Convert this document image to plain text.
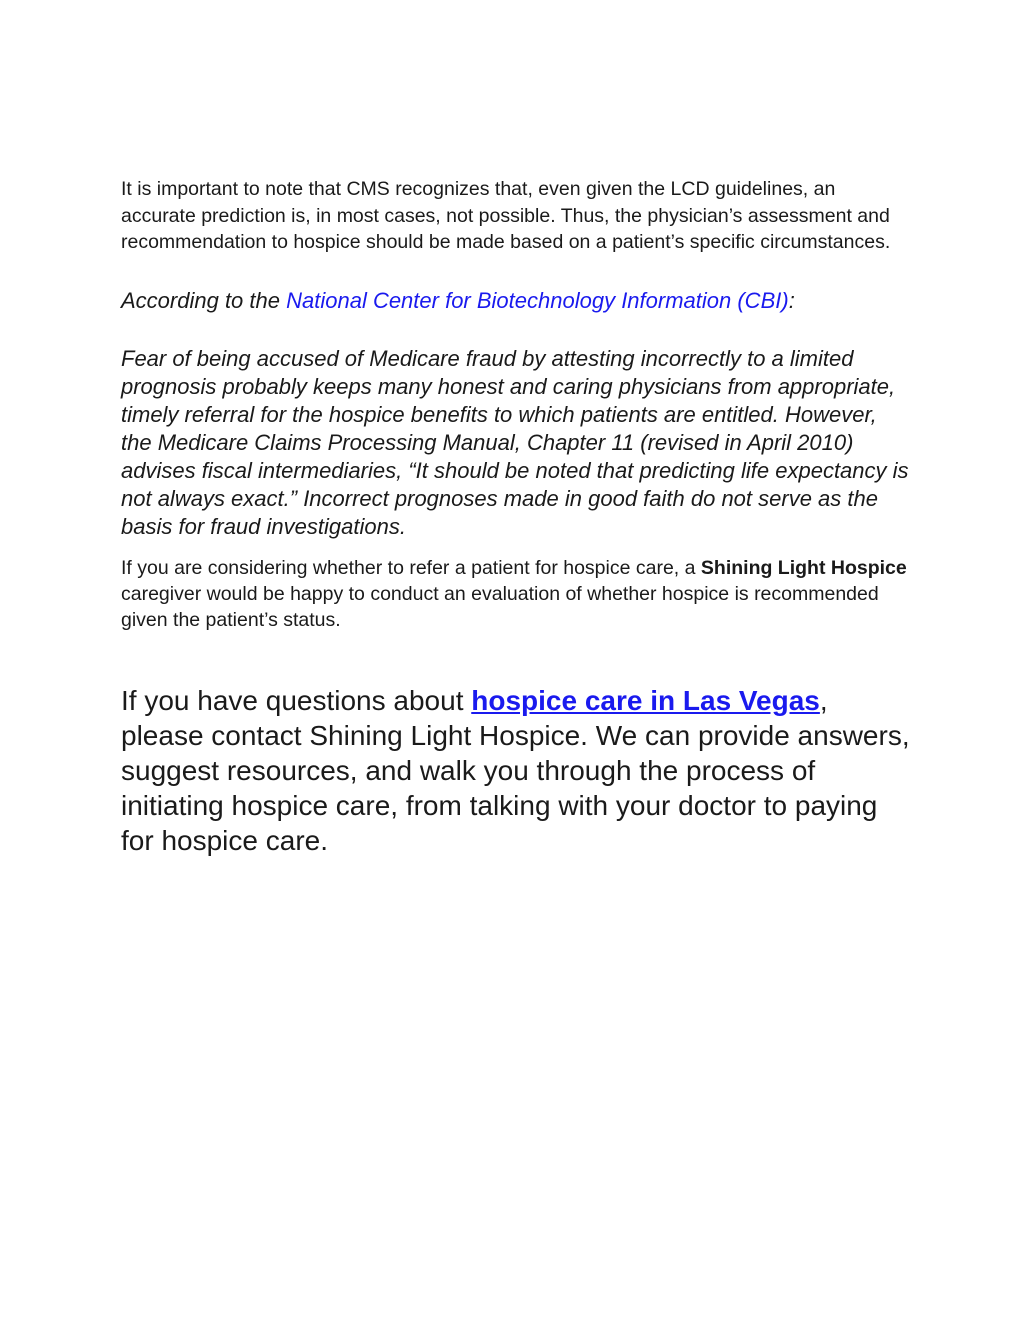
It is important to note that CMS recognizes that, even given the LCD guidelines, an accurate prediction is, in most cases, not possible. Thus, the physician’s assessment and recommendation to hospice should be made based on a patient’s specific circumstances.

According to the National Center for Biotechnology Information (CBI):

Fear of being accused of Medicare fraud by attesting incorrectly to a limited prognosis probably keeps many honest and caring physicians from appropriate, timely referral for the hospice benefits to which patients are entitled. However, the Medicare Claims Processing Manual, Chapter 11 (revised in April 2010) advises fiscal intermediaries, “It should be noted that predicting life expectancy is not always exact.” Incorrect prognoses made in good faith do not serve as the basis for fraud investigations.

If you are considering whether to refer a patient for hospice care, a Shining Light Hospice caregiver would be happy to conduct an evaluation of whether hospice is recommended given the patient’s status.

If you have questions about hospice care in Las Vegas, please contact Shining Light Hospice. We can provide answers, suggest resources, and walk you through the process of initiating hospice care, from talking with your doctor to paying for hospice care.
